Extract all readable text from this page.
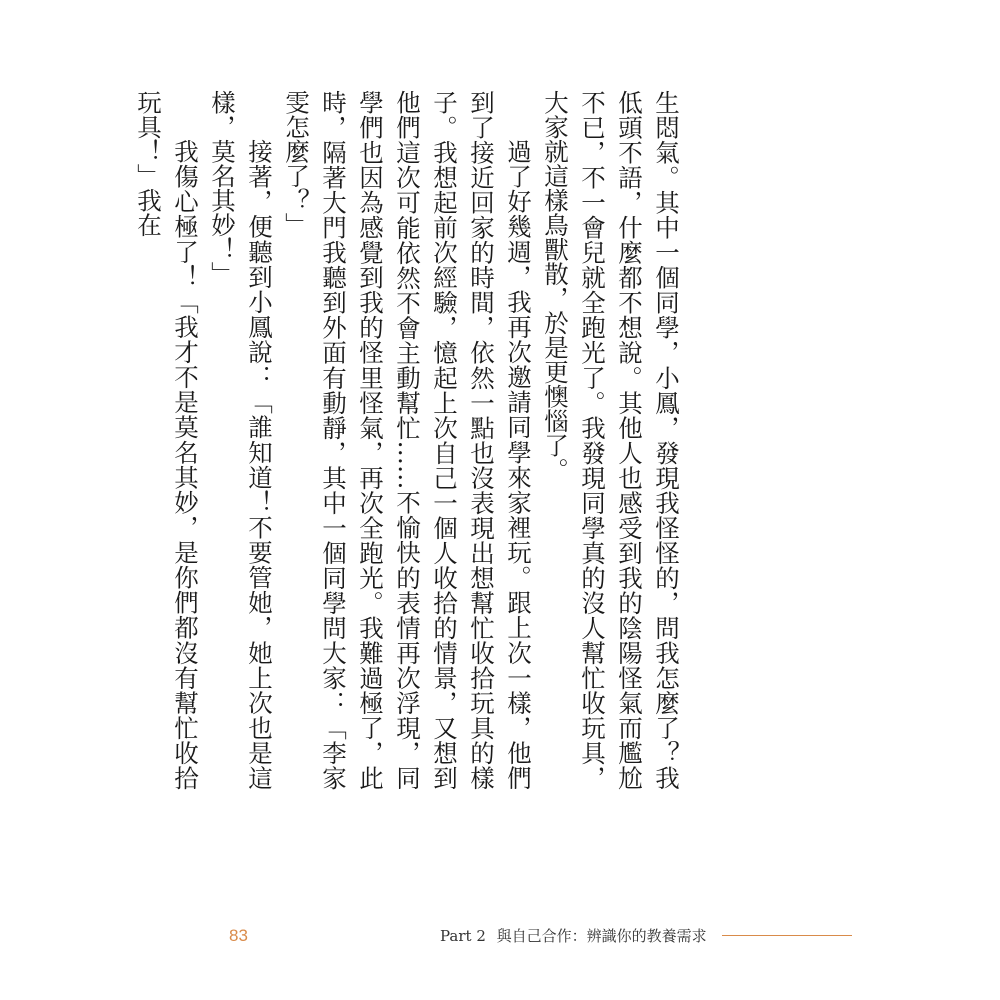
生悶氣。其中一個同學，小鳳，發現我怪怪的，問我怎麼了？我低頭不語，什麼都不想說。其他人也感受到我的陰陽怪氣而尷尬不已，不一會兒就全跑光了。我發現同學真的沒人幫忙收玩具，大家就這樣鳥獸散，於是更懊惱了。

過了好幾週，我再次邀請同學來家裡玩。跟上次一樣，他們到了接近回家的時間，依然一點也沒表現出想幫忙收拾玩具的樣子。我想起前次經驗，憶起上次自己一個人收拾的情景，又想到他們這次可能依然不會主動幫忙……不愉快的表情再次浮現，同學們也因為感覺到我的怪里怪氣，再次全跑光。我難過極了，此時，隔著大門我聽到外面有動靜，其中一個同學問大家：「李家雯怎麼了？」

接著，便聽到小鳳說：「誰知道！不要管她，她上次也是這樣，莫名其妙！」

我傷心極了！「我才不是莫名其妙，是你們都沒有幫忙收拾玩具！」我在

83	Part 2 與自己合作：辨識你的教養需求
